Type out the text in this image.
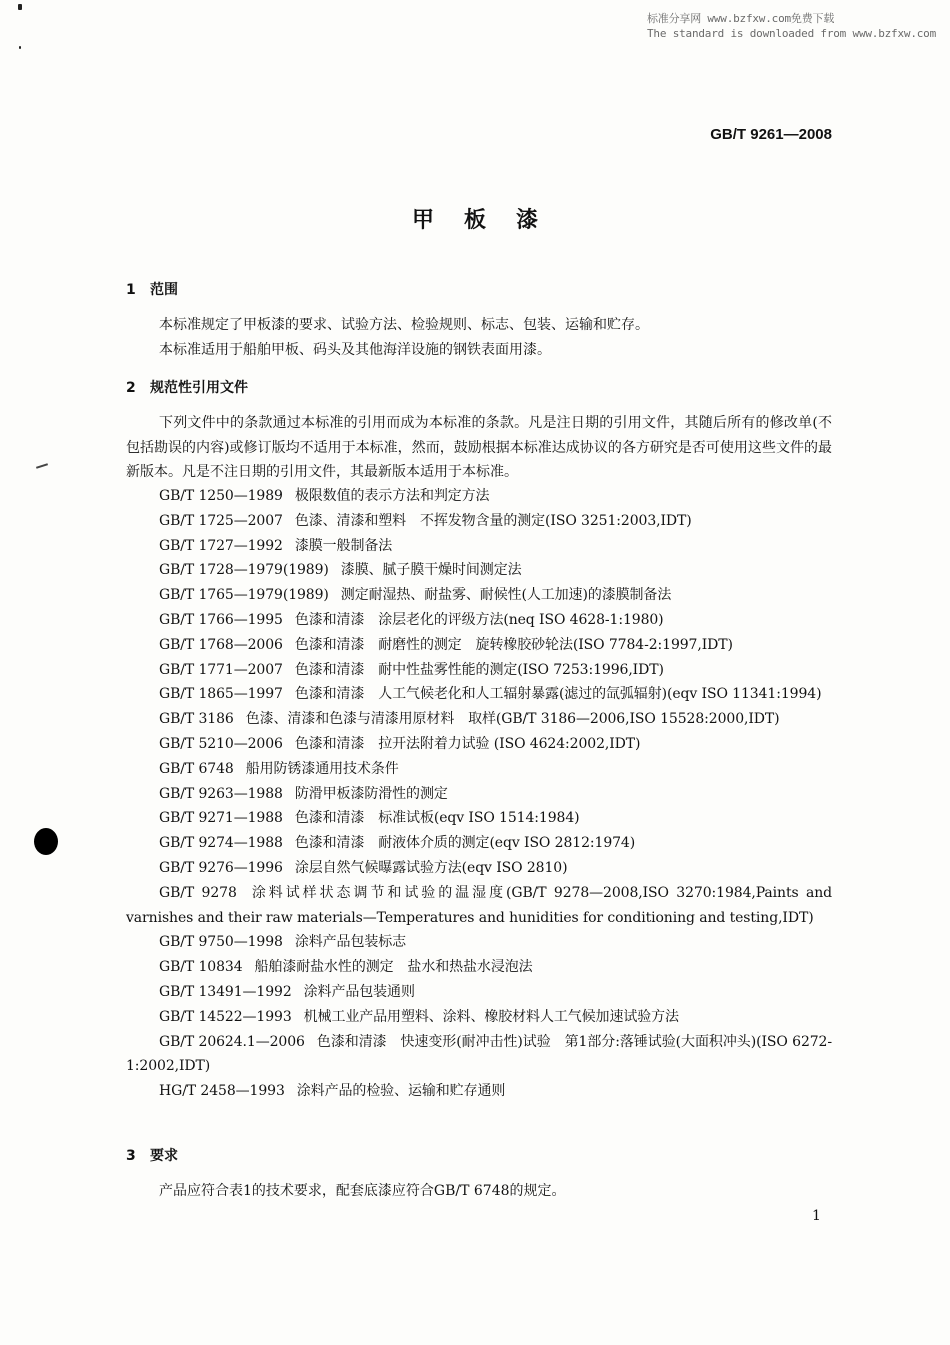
标准分享网 www.bzfxw.com免费下载
The standard is downloaded from www.bzfxw.com
GB/T 9261—2008
甲板漆
1 范围
本标准规定了甲板漆的要求、试验方法、检验规则、标志、包装、运输和贮存。
本标准适用于船舶甲板、码头及其他海洋设施的钢铁表面用漆。
2 规范性引用文件
下列文件中的条款通过本标准的引用而成为本标准的条款。凡是注日期的引用文件，其随后所有的修改单(不包括勘误的内容)或修订版均不适用于本标准，然而，鼓励根据本标准达成协议的各方研究是否可使用这些文件的最新版本。凡是不注日期的引用文件，其最新版本适用于本标准。
GB/T 1250—1989 极限数值的表示方法和判定方法
GB/T 1725—2007 色漆、清漆和塑料　不挥发物含量的测定(ISO 3251:2003,IDT)
GB/T 1727—1992 漆膜一般制备法
GB/T 1728—1979(1989) 漆膜、腻子膜干燥时间测定法
GB/T 1765—1979(1989) 测定耐湿热、耐盐雾、耐候性(人工加速)的漆膜制备法
GB/T 1766—1995 色漆和清漆　涂层老化的评级方法(neq ISO 4628-1:1980)
GB/T 1768—2006 色漆和清漆　耐磨性的测定　旋转橡胶砂轮法(ISO 7784-2:1997,IDT)
GB/T 1771—2007 色漆和清漆　耐中性盐雾性能的测定(ISO 7253:1996,IDT)
GB/T 1865—1997 色漆和清漆　人工气候老化和人工辐射暴露(滤过的氙弧辐射)(eqv ISO 11341:1994)
GB/T 3186 色漆、清漆和色漆与清漆用原材料　取样(GB/T 3186—2006,ISO 15528:2000,IDT)
GB/T 5210—2006 色漆和清漆　拉开法附着力试验 (ISO 4624:2002,IDT)
GB/T 6748 船用防锈漆通用技术条件
GB/T 9263—1988 防滑甲板漆防滑性的测定
GB/T 9271—1988 色漆和清漆　标准试板(eqv ISO 1514:1984)
GB/T 9274—1988 色漆和清漆　耐液体介质的测定(eqv ISO 2812:1974)
GB/T 9276—1996 涂层自然气候曝露试验方法(eqv ISO 2810)
GB/T 9278 涂料试样状态调节和试验的温湿度(GB/T 9278—2008,ISO 3270:1984,Paints and varnishes and their raw materials—Temperatures and hunidities for conditioning and testing,IDT)
GB/T 9750—1998 涂料产品包装标志
GB/T 10834 船舶漆耐盐水性的测定　盐水和热盐水浸泡法
GB/T 13491—1992 涂料产品包装通则
GB/T 14522—1993 机械工业产品用塑料、涂料、橡胶材料人工气候加速试验方法
GB/T 20624.1—2006 色漆和清漆　快速变形(耐冲击性)试验　第1部分:落锤试验(大面积冲头)(ISO 6272-1:2002,IDT)
HG/T 2458—1993 涂料产品的检验、运输和贮存通则
3 要求
产品应符合表1的技术要求，配套底漆应符合GB/T 6748的规定。
1
